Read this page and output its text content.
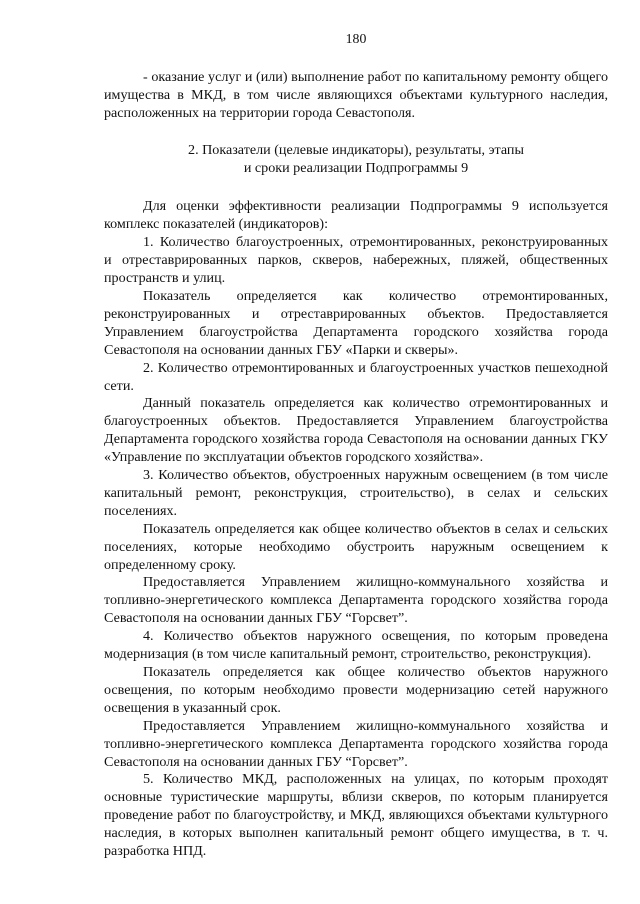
180

- оказание услуг и (или) выполнение работ по капитальному ремонту общего имущества в МКД, в том числе являющихся объектами культурного наследия, расположенных на территории города Севастополя.

2. Показатели (целевые индикаторы), результаты, этапы
и сроки реализации Подпрограммы 9

Для оценки эффективности реализации Подпрограммы 9 используется комплекс показателей (индикаторов):

1. Количество благоустроенных, отремонтированных, реконструированных и отреставрированных парков, скверов, набережных, пляжей, общественных пространств и улиц.

Показатель определяется как количество отремонтированных, реконструированных и отреставрированных объектов. Предоставляется Управлением благоустройства Департамента городского хозяйства города Севастополя на основании данных ГБУ «Парки и скверы».

2. Количество отремонтированных и благоустроенных участков пешеходной сети.

Данный показатель определяется как количество отремонтированных и благоустроенных объектов. Предоставляется Управлением благоустройства Департамента городского хозяйства города Севастополя на основании данных ГКУ «Управление по эксплуатации объектов городского хозяйства».

3. Количество объектов, обустроенных наружным освещением (в том числе капитальный ремонт, реконструкция, строительство), в селах и сельских поселениях.

Показатель определяется как общее количество объектов в селах и сельских поселениях, которые необходимо обустроить наружным освещением к определенному сроку.

Предоставляется Управлением жилищно-коммунального хозяйства и топливно-энергетического комплекса Департамента городского хозяйства города Севастополя на основании данных ГБУ “Горсвет”.

4. Количество объектов наружного освещения, по которым проведена модернизация (в том числе капитальный ремонт, строительство, реконструкция).

Показатель определяется как общее количество объектов наружного освещения, по которым необходимо провести модернизацию сетей наружного освещения в указанный срок.

Предоставляется Управлением жилищно-коммунального хозяйства и топливно-энергетического комплекса Департамента городского хозяйства города Севастополя на основании данных ГБУ “Горсвет”.

5. Количество МКД, расположенных на улицах, по которым проходят основные туристические маршруты, вблизи скверов, по которым планируется проведение работ по благоустройству, и МКД, являющихся объектами культурного наследия, в которых выполнен капитальный ремонт общего имущества, в т. ч. разработка НПД.
